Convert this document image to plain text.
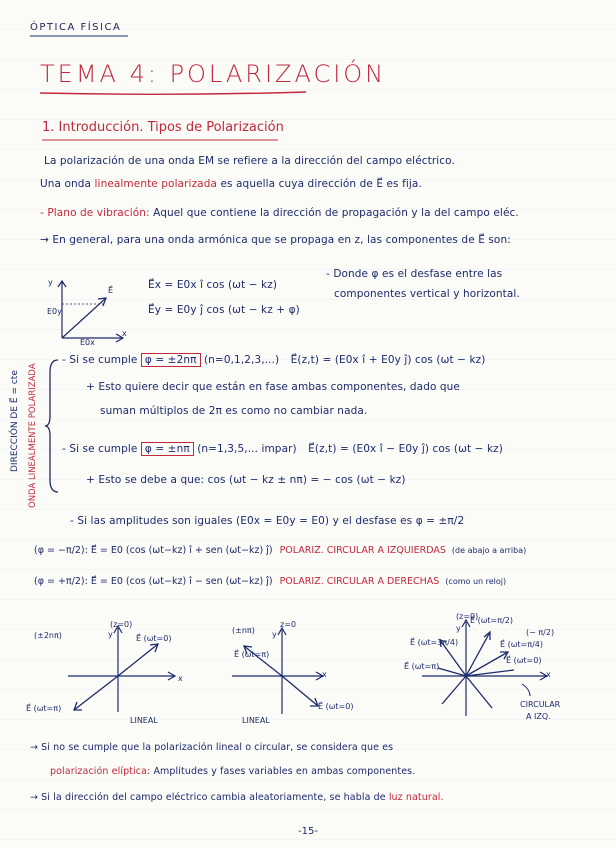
ÓPTICA FÍSICA
TEMA 4: POLARIZACIÓN
1. Introducción. Tipos de Polarización
La polarización de una onda EM se refiere a la dirección del campo eléctrico.
Una onda linealmente polarizada es aquella cuya dirección de E⃗ es fija.
- Plano de vibración: Aquel que contiene la dirección de propagación y la del campo eléc.
→ En general, para una onda armónica que se propaga en z, las componentes de E⃗ son:
y
x
E⃗
E0x
E0y
E⃗x = E0x î cos (ωt − kz)
E⃗y = E0y ĵ cos (ωt − kz + φ)
- Donde φ es el desfase entre las
componentes vertical y horizontal.
DIRECCIÓN DE E⃗ = cte ONDA LINEALMENTE POLARIZADA
- Si se cumple φ = ±2nπ (n=0,1,2,3,...) E⃗(z,t) = (E0x î + E0y ĵ) cos (ωt − kz)
+ Esto quiere decir que están en fase ambas componentes, dado que
suman múltiplos de 2π es como no cambiar nada.
- Si se cumple φ = ±nπ (n=1,3,5,... impar) E⃗(z,t) = (E0x î − E0y ĵ) cos (ωt − kz)
+ Esto se debe a que: cos (ωt − kz ± nπ) = − cos (ωt − kz)
- Si las amplitudes son iguales (E0x = E0y = E0) y el desfase es φ = ±π/2
(φ = −π/2): E⃗ = E0 (cos (ωt−kz) î + sen (ωt−kz) ĵ) POLARIZ. CIRCULAR A IZQUIERDAS (de abajo a arriba)
(φ = +π/2): E⃗ = E0 (cos (ωt−kz) î − sen (ωt−kz) ĵ) POLARIZ. CIRCULAR A DERECHAS (como un reloj)
(±2nπ)
(z=0)
y
x
E⃗ (ωt=0)
E⃗ (ωt=π)
LINEAL
(±nπ)
z=0
y
x
E⃗ (ωt=π)
E⃗ (ωt=0)
LINEAL
(z=0)
(− π/2)
y
x
E⃗ (ωt=π/2)
E⃗ (ωt=π/4)
E⃗ (ωt=3π/4)
E⃗ (ωt=π)
E⃗ (ωt=0)
CIRCULAR
A IZQ.
→ Si no se cumple que la polarización lineal o circular, se considera que es
polarización elíptica: Amplitudes y fases variables en ambas componentes.
→ Si la dirección del campo eléctrico cambia aleatoriamente, se habla de luz natural.
-15-
